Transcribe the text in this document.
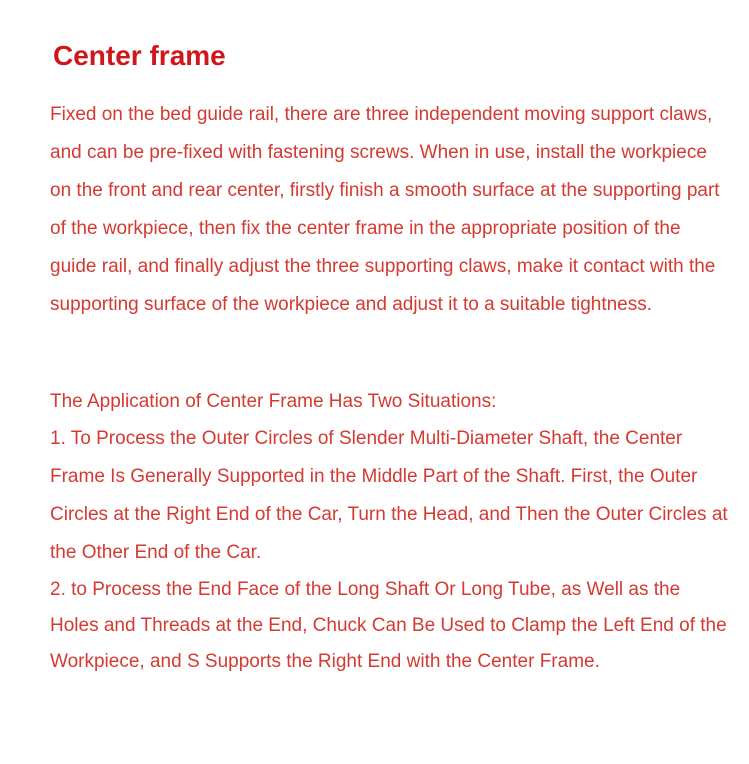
Center frame

Fixed on the bed guide rail, there are three independent moving support claws, and can be pre-fixed with fastening screws. When in use, install the workpiece on the front and rear center, firstly finish a smooth surface at the supporting part of the workpiece, then fix the center frame in the appropriate position of the guide rail, and finally adjust the three supporting claws, make it contact with the supporting surface of the workpiece and adjust it to a suitable tightness.

The Application of Center Frame Has Two Situations:

1. To Process the Outer Circles of Slender Multi-Diameter Shaft, the Center Frame Is Generally Supported in the Middle Part of the Shaft. First, the Outer Circles at the Right End of the Car, Turn the Head, and Then the Outer Circles at the Other End of the Car.

2. to Process the End Face of the Long Shaft Or Long Tube, as Well as the Holes and Threads at the End, Chuck Can Be Used to Clamp the Left End of the Workpiece, and S Supports the Right End with the Center Frame.
